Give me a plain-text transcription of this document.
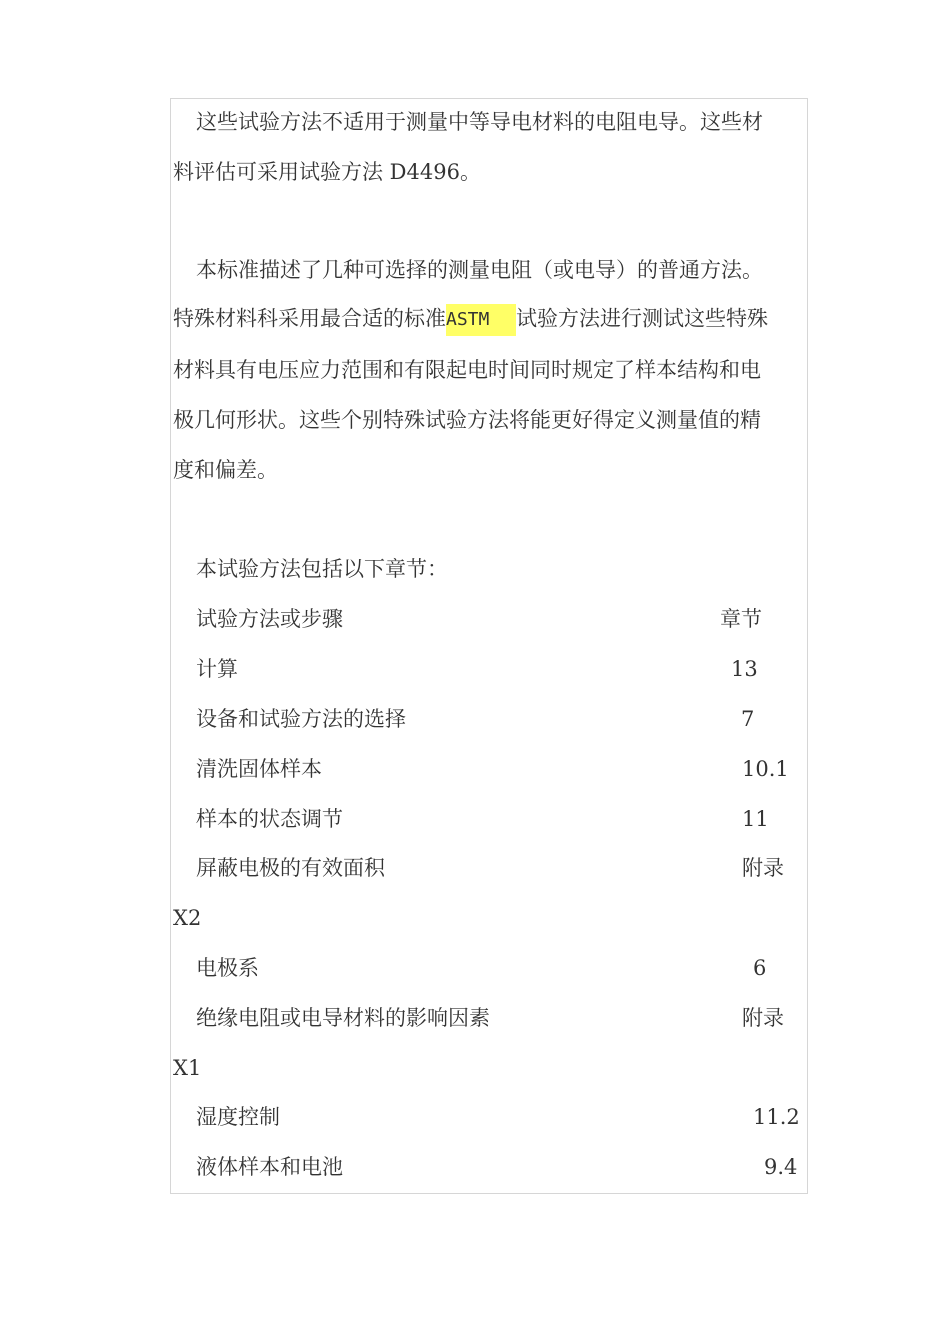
这些试验方法不适用于测量中等导电材料的电阻电导。这些材
料评估可采用试验方法 D4496。
本标准描述了几种可选择的测量电阻（或电导）的普通方法。
特殊材料科采用最合适的标准ASTM 试验方法进行测试这些特殊
材料具有电压应力范围和有限起电时间同时规定了样本结构和电
极几何形状。这些个别特殊试验方法将能更好得定义测量值的精
度和偏差。
本试验方法包括以下章节：
试验方法或步骤	章节
计算	13
设备和试验方法的选择	7
清洗固体样本	10.1
样本的状态调节	11
屏蔽电极的有效面积	附录
X2
电极系	6
绝缘电阻或电导材料的影响因素	附录
X1
湿度控制	11.2
液体样本和电池	9.4
